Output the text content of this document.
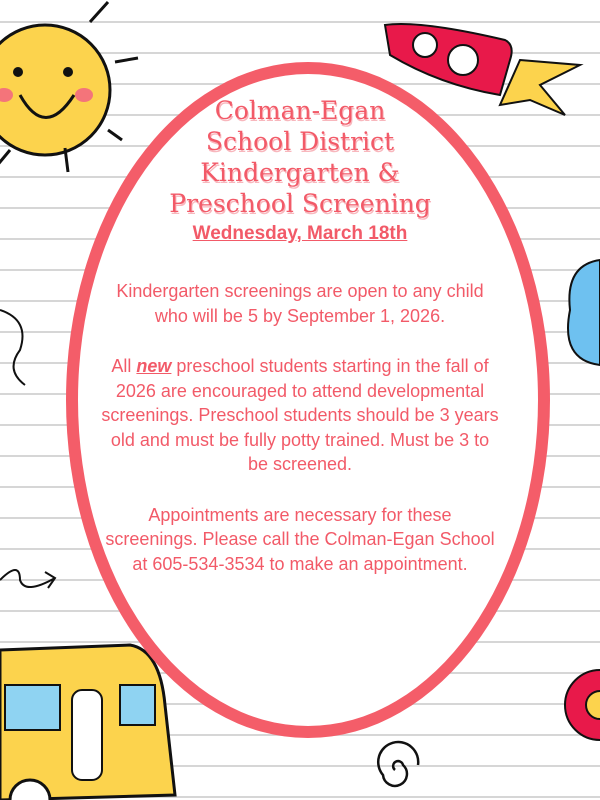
Colman-Egan
School District
Kindergarten &
Preschool Screening
Wednesday, March 18th
Kindergarten screenings are open to any child who will be 5 by September 1, 2026.
All new preschool students starting in the fall of 2026 are encouraged to attend developmental screenings. Preschool students should be 3 years old and must be fully potty trained. Must be 3 to be screened.
Appointments are necessary for these screenings. Please call the Colman-Egan School at 605-534-3534 to make an appointment.
